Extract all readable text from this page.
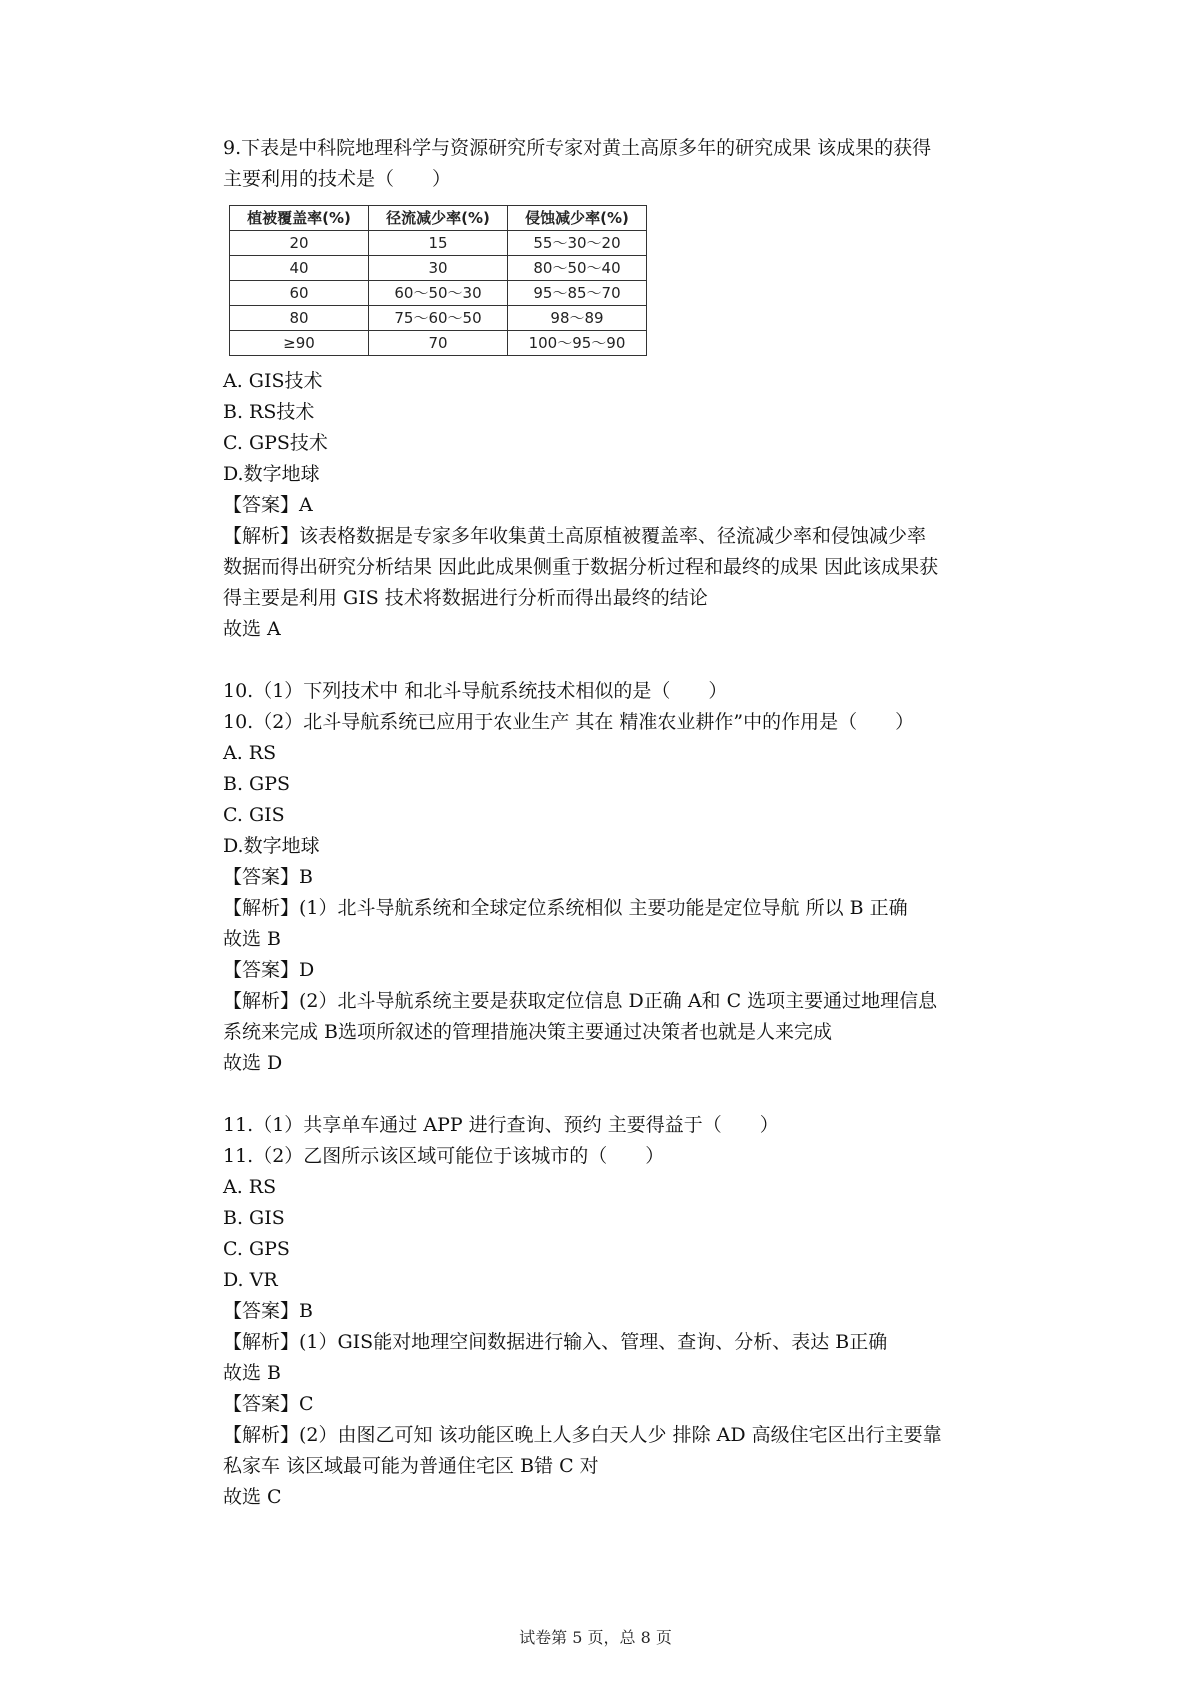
9.下表是中科院地理科学与资源研究所专家对黄土高原多年的研究成果 该成果的获得
主要利用的技术是（　　）
植被覆盖率(%)	径流减少率(%)	侵蚀减少率(%)
20	15	55～30～20
40	30	80～50～40
60	60～50～30	95～85～70
80	75～60～50	98～89
≥90	70	100～95～90
A. GIS技术
B. RS技术
C. GPS技术
D.数字地球
【答案】A
【解析】该表格数据是专家多年收集黄土高原植被覆盖率、径流减少率和侵蚀减少率
数据而得出研究分析结果 因此此成果侧重于数据分析过程和最终的成果 因此该成果获
得主要是利用 GIS 技术将数据进行分析而得出最终的结论
故选 A
10.（1）下列技术中 和北斗导航系统技术相似的是（　　）
10.（2）北斗导航系统已应用于农业生产 其在 精准农业耕作”中的作用是（　　）
A. RS
B. GPS
C. GIS
D.数字地球
【答案】B
【解析】(1）北斗导航系统和全球定位系统相似 主要功能是定位导航 所以 B 正确
故选 B
【答案】D
【解析】(2）北斗导航系统主要是获取定位信息 D正确 A和 C 选项主要通过地理信息
系统来完成 B选项所叙述的管理措施决策主要通过决策者也就是人来完成
故选 D
11.（1）共享单车通过 APP 进行查询、预约 主要得益于（　　）
11.（2）乙图所示该区域可能位于该城市的（　　）
A. RS
B. GIS
C. GPS
D. VR
【答案】B
【解析】(1）GIS能对地理空间数据进行输入、管理、查询、分析、表达 B正确
故选 B
【答案】C
【解析】(2）由图乙可知 该功能区晚上人多白天人少 排除 AD 高级住宅区出行主要靠
私家车 该区域最可能为普通住宅区 B错 C 对
故选 C
试卷第 5 页，总 8 页
